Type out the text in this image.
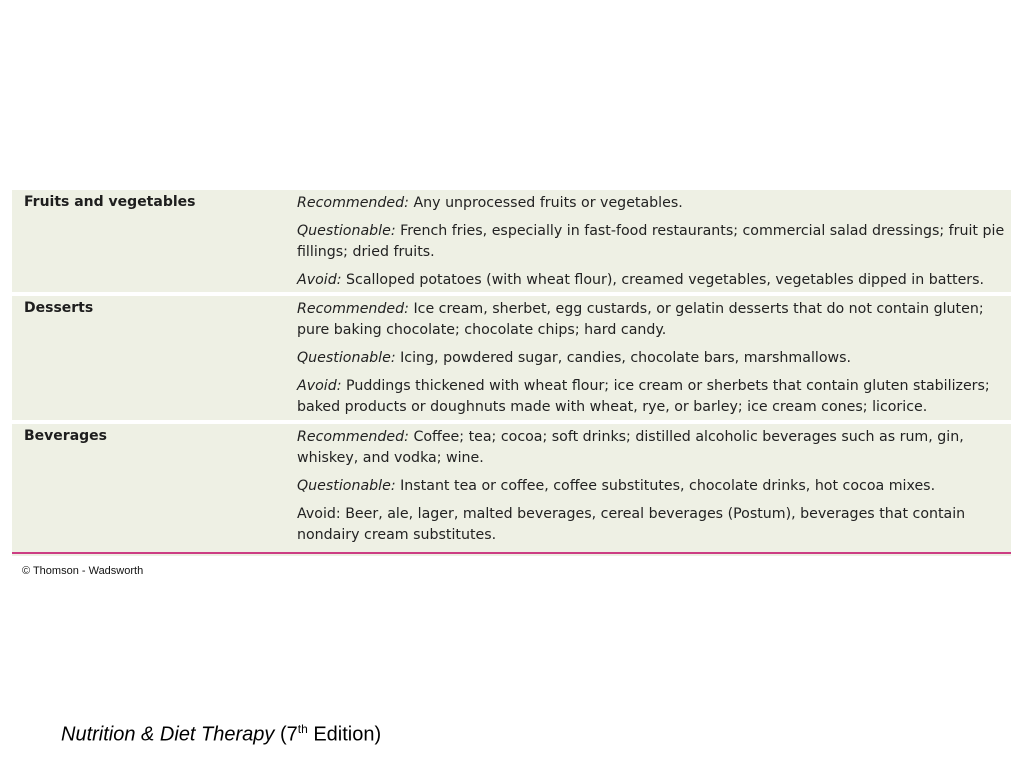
Fruits and vegetables	Recommended: Any unprocessed fruits or vegetables.
Questionable: French fries, especially in fast-food restaurants; commercial salad dressings; fruit pie fillings; dried fruits.
Avoid: Scalloped potatoes (with wheat flour), creamed vegetables, vegetables dipped in batters.
Desserts	Recommended: Ice cream, sherbet, egg custards, or gelatin desserts that do not contain gluten; pure baking chocolate; chocolate chips; hard candy.
Questionable: Icing, powdered sugar, candies, chocolate bars, marshmallows.
Avoid: Puddings thickened with wheat flour; ice cream or sherbets that contain gluten stabilizers; baked products or doughnuts made with wheat, rye, or barley; ice cream cones; licorice.
Beverages	Recommended: Coffee; tea; cocoa; soft drinks; distilled alcoholic beverages such as rum, gin, whiskey, and vodka; wine.
Questionable: Instant tea or coffee, coffee substitutes, chocolate drinks, hot cocoa mixes.
Avoid: Beer, ale, lager, malted beverages, cereal beverages (Postum), beverages that contain nondairy cream substitutes.
© Thomson - Wadsworth
Nutrition & Diet Therapy (7th Edition)
